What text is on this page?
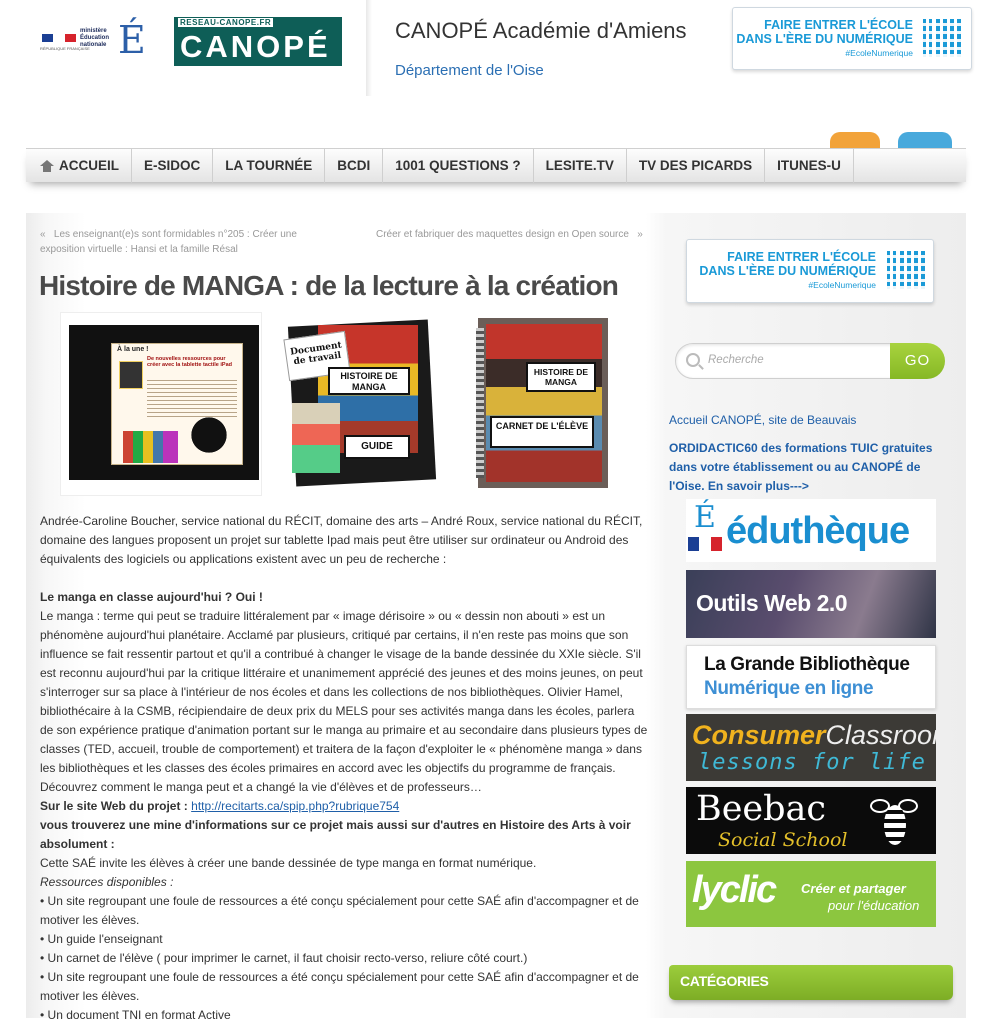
ministère Éducation nationale
RÉPUBLIQUE FRANÇAISE É	RESEAU-CANOPE.FR
CANOPÉ	CANOPÉ Académie d'Amiens
Département de l'Oise
FAIRE ENTRER L'ÉCOLE
DANS L'ÈRE DU NUMÉRIQUE
#EcoleNumerique
ACCUEIL	E-SIDOC	LA TOURNÉE	BCDI	1001 QUESTIONS ?	LESITE.TV	TV DES PICARDS	ITUNES-U
« Les enseignant(e)s sont formidables n°205 : Créer une exposition virtuelle : Hansi et la famille Résal
Créer et fabriquer des maquettes design en Open source »
Histoire de MANGA : de la lecture à la création
À la une !
De nouvelles ressources pour créer avec la tablette tactile iPad
Document de travail
HISTOIRE DE MANGA
GUIDE
HISTOIRE DE MANGA
CARNET DE L'ÉLÈVE

Andrée-Caroline Boucher, service national du RÉCIT, domaine des arts – André Roux, service national du RÉCIT, domaine des langues proposent un projet sur tablette Ipad mais peut être utiliser sur ordinateur ou Android des équivalents des logiciels ou applications existent avec un peu de recherche :

Le manga en classe aujourd'hui ? Oui !

Le manga : terme qui peut se traduire littéralement par « image dérisoire » ou « dessin non abouti » est un phénomène aujourd'hui planétaire. Acclamé par plusieurs, critiqué par certains, il n'en reste pas moins que son influence se fait ressentir partout et qu'il a contribué à changer le visage de la bande dessinée du XXIe siècle. S'il est reconnu aujourd'hui par la critique littéraire et unanimement apprécié des jeunes et des moins jeunes, on peut s'interroger sur sa place à l'intérieur de nos écoles et dans les collections de nos bibliothèques. Olivier Hamel, bibliothécaire à la CSMB, récipiendaire de deux prix du MELS pour ses activités manga dans les écoles, parlera de son expérience pratique d'animation portant sur le manga au primaire et au secondaire dans plusieurs types de classes (TED, accueil, trouble de comportement) et traitera de la façon d'exploiter le « phénomène manga » dans les bibliothèques et les classes des écoles primaires en accord avec les objectifs du programme de français. Découvrez comment le manga peut et a changé la vie d'élèves et de professeurs…

Sur le site Web du projet : http://recitarts.ca/spip.php?rubrique754

vous trouverez une mine d'informations sur ce projet mais aussi sur d'autres en Histoire des Arts à voir absolument :

Cette SAÉ invite les élèves à créer une bande dessinée de type manga en format numérique.

Ressources disponibles :

• Un site regroupant une foule de ressources a été conçu spécialement pour cette SAÉ afin d'accompagner et de motiver les élèves.

• Un guide l'enseignant

• Un carnet de l'élève ( pour imprimer le carnet, il faut choisir recto-verso, reliure côté court.)

• Un site regroupant une foule de ressources a été conçu spécialement pour cette SAÉ afin d'accompagner et de motiver les élèves.

• Un document TNI en format Active

FAIRE ENTRER L'ÉCOLE
DANS L'ÈRE DU NUMÉRIQUE
#EcoleNumerique
Recherche	GO
Accueil CANOPÉ, site de Beauvais
ORDIDACTIC60 des formations TUIC gratuites dans votre établissement ou au CANOPÉ de l'Oise. En savoir plus--->
É éduthèque
Outils Web 2.0
La Grande Bibliothèque
Numérique en ligne
ConsumerClassroom
lessons for life
Beebac
Social School
lyclic Créer et partager
pour l'éducation
CATÉGORIES
